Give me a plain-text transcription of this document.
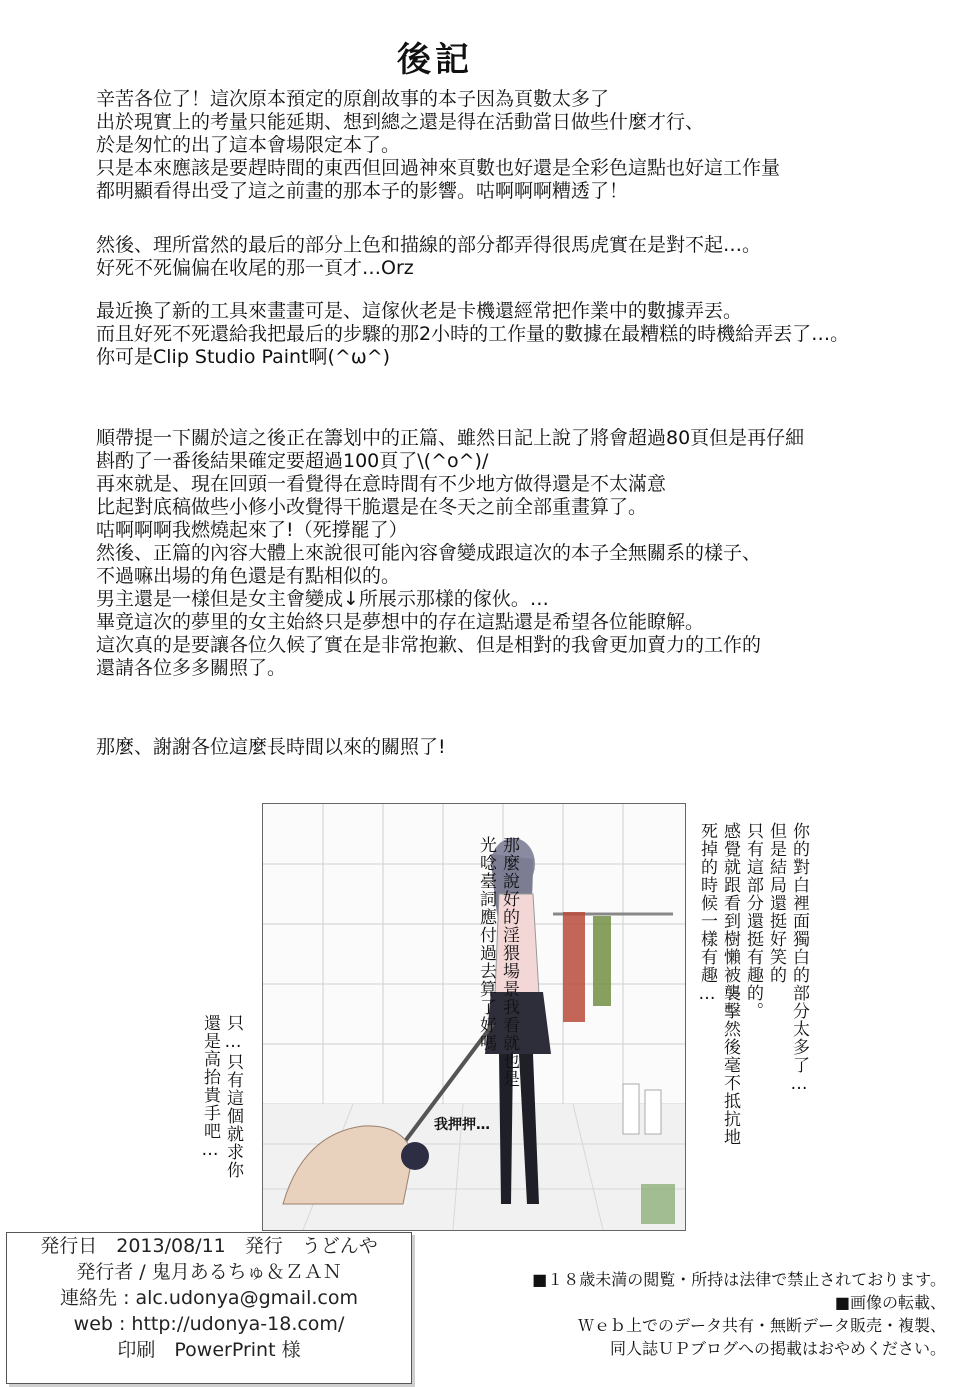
後記
辛苦各位了！這次原本預定的原創故事的本子因為頁數太多了
出於現實上的考量只能延期、想到總之還是得在活動當日做些什麼才行、
於是匆忙的出了這本會場限定本了。
只是本來應該是要趕時間的東西但回過神來頁數也好還是全彩色這點也好這工作量
都明顯看得出受了這之前畫的那本子的影響。咕啊啊啊糟透了！
然後、理所當然的最后的部分上色和描線的部分都弄得很馬虎實在是對不起…。
好死不死偏偏在收尾的那一頁才…Orz
最近換了新的工具來畫畫可是、這傢伙老是卡機還經常把作業中的數據弄丟。
而且好死不死還給我把最后的步驟的那2小時的工作量的數據在最糟糕的時機給弄丟了…。
你可是Clip Studio Paint啊(^ω^)
順帶提一下關於這之後正在籌划中的正篇、雖然日記上說了將會超過80頁但是再仔細
斟酌了一番後結果確定要超過100頁了\(^o^)/
再來就是、現在回頭一看覺得在意時間有不少地方做得還是不太滿意
比起對底稿做些小修小改覺得干脆還是在冬天之前全部重畫算了。
咕啊啊啊我燃燒起來了!（死撐罷了）
然後、正篇的內容大體上來說很可能內容會變成跟這次的本子全無關系的樣子、
不過嘛出場的角色還是有點相似的。
男主還是一樣但是女主會變成↓所展示那樣的傢伙。…
畢竟這次的夢里的女主始終只是夢想中的存在這點還是希望各位能瞭解。
這次真的是要讓各位久候了實在是非常抱歉、但是相對的我會更加賣力的工作的
還請各位多多關照了。
那麼、謝謝各位這麼長時間以來的關照了!
你的對白裡面獨白的部分太多了…
但是結局還挺好笑的
只有這部分還挺有趣的。
感覺就跟看到樹懶被襲擊然後毫不抵抗地
死掉的時候一樣有趣…
那麼說好的淫猥場景我看就也是
光唸臺詞應付過去算了好嗎
只…只有這個就求你
還是高抬貴手吧…	我押押…
発行日　2013/08/11　発行　うどんや
発行者 / 鬼月あるちゅ＆ＺＡＮ
連絡先 : alc.udonya@gmail.com
web : http://udonya-18.com/
印刷　PowerPrint 様
■１８歳未満の閲覧・所持は法律で禁止されております。
■画像の転載、
Ｗｅｂ上でのデータ共有・無断データ販売・複製、
同人誌ＵＰブログへの掲載はおやめください。
